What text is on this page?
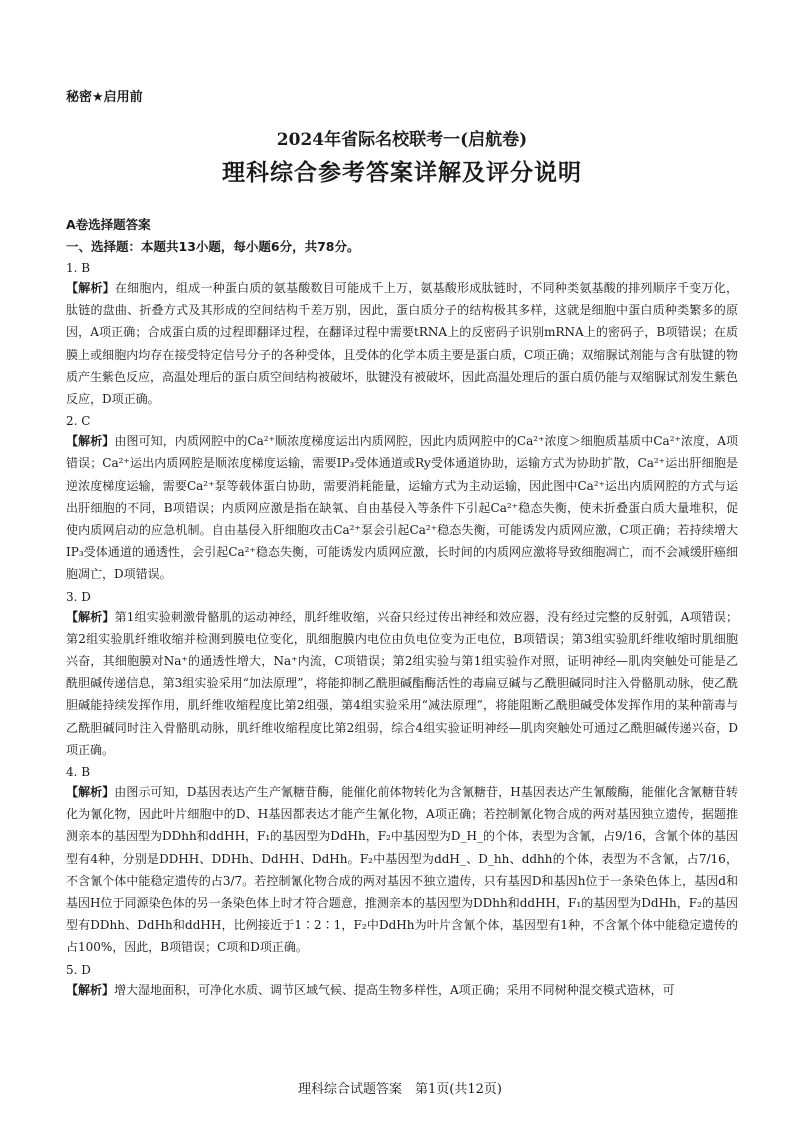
秘密★启用前
2024年省际名校联考一(启航卷)
理科综合参考答案详解及评分说明
A卷选择题答案
一、选择题：本题共13小题，每小题6分，共78分。
1. B
【解析】在细胞内，组成一种蛋白质的氨基酸数目可能成千上万，氨基酸形成肽链时，不同种类氨基酸的排列顺序千变万化，肽链的盘曲、折叠方式及其形成的空间结构千差万别，因此，蛋白质分子的结构极其多样，这就是细胞中蛋白质种类繁多的原因，A项正确；合成蛋白质的过程即翻译过程，在翻译过程中需要tRNA上的反密码子识别mRNA上的密码子，B项错误；在质膜上或细胞内均存在接受特定信号分子的各种受体，且受体的化学本质主要是蛋白质，C项正确；双缩脲试剂能与含有肽键的物质产生紫色反应，高温处理后的蛋白质空间结构被破坏，肽键没有被破坏，因此高温处理后的蛋白质仍能与双缩脲试剂发生紫色反应，D项正确。
2. C
【解析】由图可知，内质网腔中的Ca²⁺顺浓度梯度运出内质网腔，因此内质网腔中的Ca²⁺浓度＞细胞质基质中Ca²⁺浓度，A项错误；Ca²⁺运出内质网腔是顺浓度梯度运输，需要IP₃受体通道或Ry受体通道协助，运输方式为协助扩散，Ca²⁺运出肝细胞是逆浓度梯度运输，需要Ca²⁺泵等载体蛋白协助，需要消耗能量，运输方式为主动运输，因此图中Ca²⁺运出内质网腔的方式与运出肝细胞的不同，B项错误；内质网应激是指在缺氧、自由基侵入等条件下引起Ca²⁺稳态失衡，使未折叠蛋白质大量堆积，促使内质网启动的应急机制。自由基侵入肝细胞攻击Ca²⁺泵会引起Ca²⁺稳态失衡，可能诱发内质网应激，C项正确；若持续增大IP₃受体通道的通透性，会引起Ca²⁺稳态失衡，可能诱发内质网应激，长时间的内质网应激将导致细胞凋亡，而不会减缓肝癌细胞凋亡，D项错误。
3. D
【解析】第1组实验刺激骨骼肌的运动神经，肌纤维收缩，兴奋只经过传出神经和效应器，没有经过完整的反射弧，A项错误；第2组实验肌纤维收缩并检测到膜电位变化，肌细胞膜内电位由负电位变为正电位，B项错误；第3组实验肌纤维收缩时肌细胞兴奋，其细胞膜对Na⁺的通透性增大，Na⁺内流，C项错误；第2组实验与第1组实验作对照，证明神经—肌肉突触处可能是乙酰胆碱传递信息，第3组实验采用“加法原理”，将能抑制乙酰胆碱酯酶活性的毒扁豆碱与乙酰胆碱同时注入骨骼肌动脉，使乙酰胆碱能持续发挥作用，肌纤维收缩程度比第2组强，第4组实验采用“减法原理”，将能阻断乙酰胆碱受体发挥作用的某种箭毒与乙酰胆碱同时注入骨骼肌动脉，肌纤维收缩程度比第2组弱，综合4组实验证明神经—肌肉突触处可通过乙酰胆碱传递兴奋，D项正确。
4. B
【解析】由图示可知，D基因表达产生产氰糖苷酶，能催化前体物转化为含氰糖苷，H基因表达产生氰酸酶，能催化含氰糖苷转化为氰化物，因此叶片细胞中的D、H基因都表达才能产生氰化物，A项正确；若控制氰化物合成的两对基因独立遗传，据题推测亲本的基因型为DDhh和ddHH，F₁的基因型为DdHh，F₂中基因型为D_H_的个体，表型为含氰，占9/16，含氰个体的基因型有4种，分别是DDHH、DDHh、DdHH、DdHh。F₂中基因型为ddH_、D_hh、ddhh的个体，表型为不含氰，占7/16，不含氰个体中能稳定遗传的占3/7。若控制氰化物合成的两对基因不独立遗传，只有基因D和基因h位于一条染色体上，基因d和基因H位于同源染色体的另一条染色体上时才符合题意，推测亲本的基因型为DDhh和ddHH，F₁的基因型为DdHh，F₂的基因型有DDhh、DdHh和ddHH，比例接近于1∶2∶1，F₂中DdHh为叶片含氰个体，基因型有1种，不含氰个体中能稳定遗传的占100%，因此，B项错误；C项和D项正确。
5. D
【解析】增大湿地面积，可净化水质、调节区域气候、提高生物多样性，A项正确；采用不同树种混交模式造林，可
理科综合试题答案　第1页(共12页)
